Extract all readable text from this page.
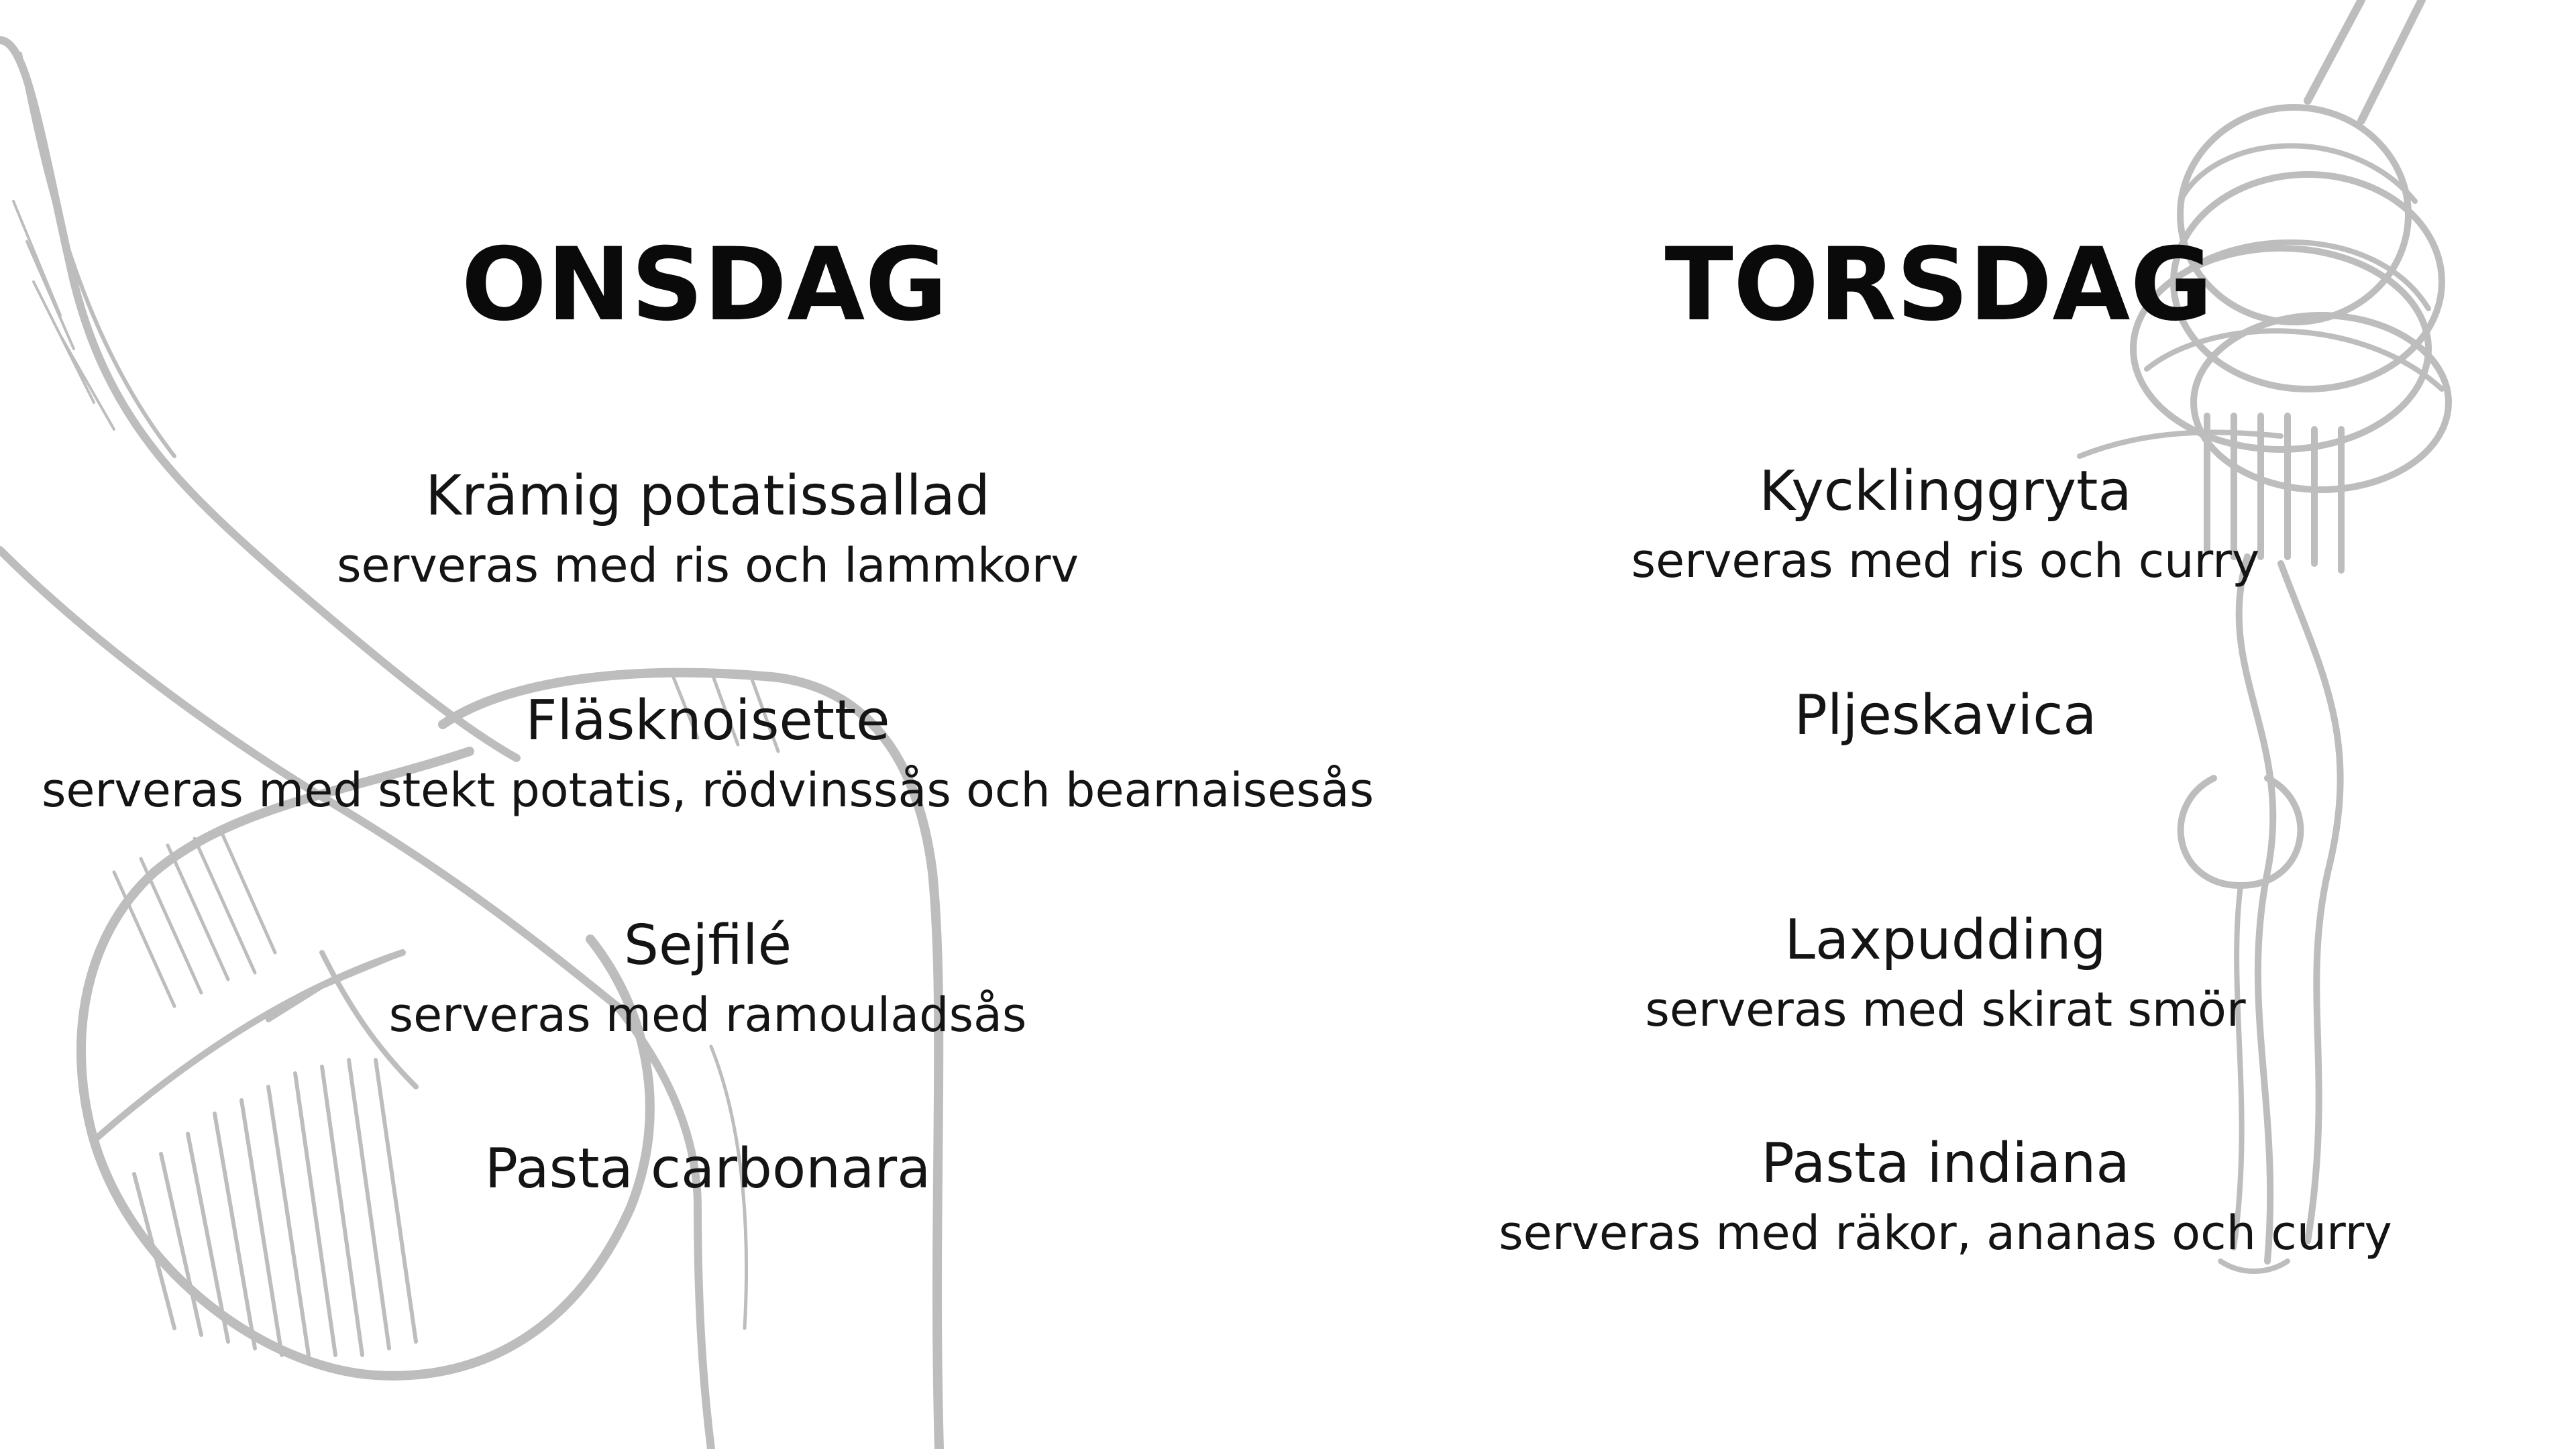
ONSDAG	TORSDAG
Krämig potatissallad
serveras med ris och lammkorv
Fläsknoisette
serveras med stekt potatis, rödvinssås och bearnaisesås
Sejfilé
serveras med ramouladsås
Pasta carbonara
Kycklinggryta
serveras med ris och curry
Pljeskavica
Laxpudding
serveras med skirat smör
Pasta indiana
serveras med räkor, ananas och curry
